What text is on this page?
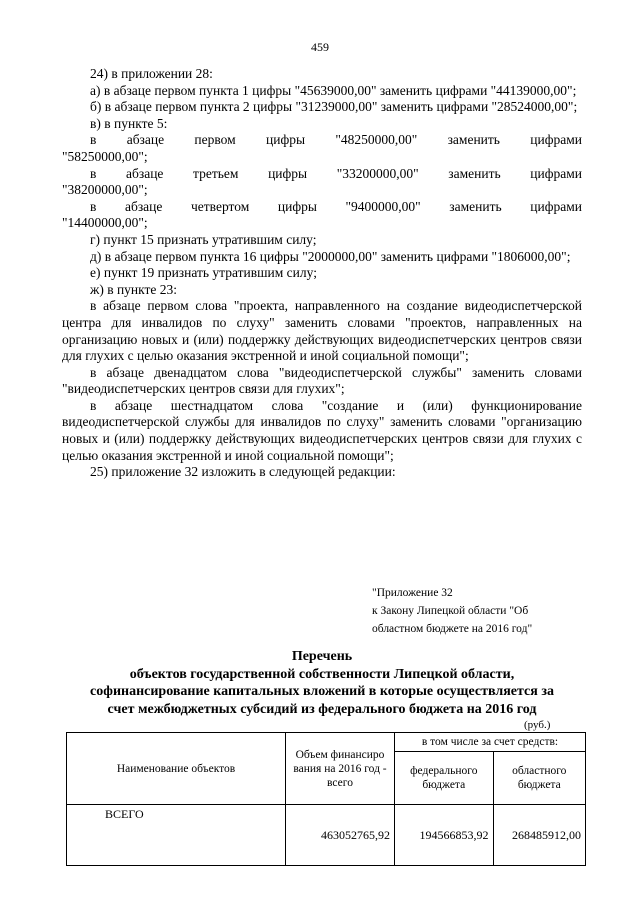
459
24) в приложении 28:
а) в абзаце первом пункта 1 цифры "45639000,00" заменить цифрами "44139000,00";
б) в абзаце первом пункта 2 цифры "31239000,00" заменить цифрами "28524000,00";
в) в пункте 5:
в абзаце первом цифры "48250000,00" заменить цифрами
"58250000,00";
в абзаце третьем цифры "33200000,00" заменить цифрами
"38200000,00";
в абзаце четвертом цифры "9400000,00" заменить цифрами
"14400000,00";
г) пункт 15 признать утратившим силу;
д) в абзаце первом пункта 16 цифры "2000000,00" заменить цифрами "1806000,00";
е) пункт 19 признать утратившим силу;
ж) в пункте 23:
в абзаце первом слова "проекта, направленного на создание видеодиспетчерской центра для инвалидов по слуху" заменить словами "проектов, направленных на организацию новых и (или) поддержку действующих видеодиспетчерских центров связи для глухих с целью оказания экстренной и иной социальной помощи";
в абзаце двенадцатом слова "видеодиспетчерской службы" заменить словами "видеодиспетчерских центров связи для глухих";
в абзаце шестнадцатом слова "создание и (или) функционирование видеодиспетчерской службы для инвалидов по слуху" заменить словами "организацию новых и (или) поддержку действующих видеодиспетчерских центров связи для глухих с целью оказания экстренной и иной социальной помощи";
25) приложение 32 изложить в следующей редакции:
"Приложение 32
к Закону Липецкой области "Об
областном бюджете на 2016 год"
Перечень
объектов государственной собственности Липецкой области,
софинансирование капитальных вложений в которые осуществляется за
счет межбюджетных субсидий из федерального бюджета на 2016 год
(руб.)
Наименование объектов	Объем финансиро вания на 2016 год - всего	в том числе за счет средств:	
		федерального бюджета	областного бюджета
ВСЕГО	463052765,92	194566853,92	268485912,00
